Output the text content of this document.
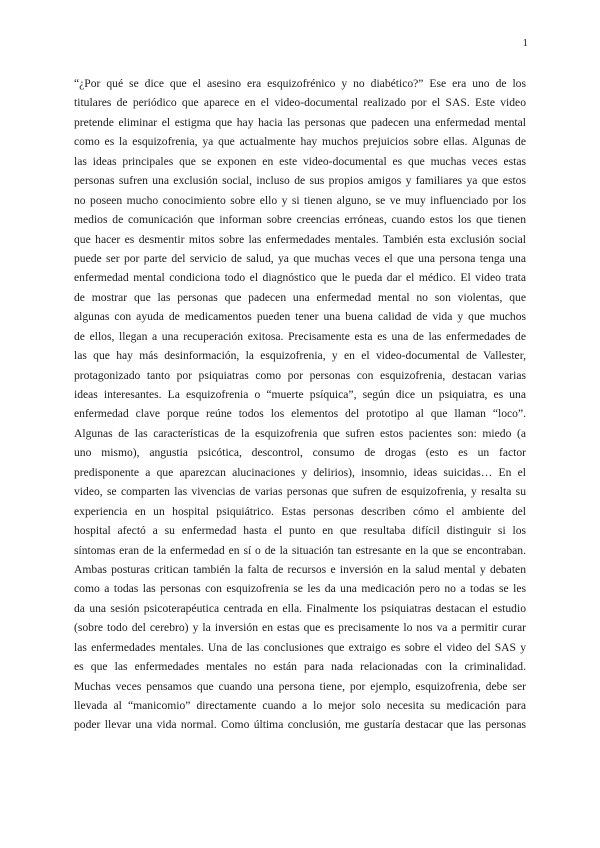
1
“¿Por qué se dice que el asesino era esquizofrénico y no diabético?” Ese era uno de los
titulares de periódico que aparece en el video-documental realizado por el SAS. Este video
pretende eliminar el estigma que hay hacia las personas que padecen una enfermedad mental
como es la esquizofrenia, ya que actualmente hay muchos prejuicios sobre ellas. Algunas de
las ideas principales que se exponen en este video-documental es que muchas veces estas
personas sufren una exclusión social, incluso de sus propios amigos y familiares ya que estos
no poseen mucho conocimiento sobre ello y si tienen alguno, se ve muy influenciado por los
medios de comunicación que informan sobre creencias erróneas, cuando estos los que tienen
que hacer es desmentir mitos sobre las enfermedades mentales. También esta exclusión social
puede ser por parte del servicio de salud, ya que muchas veces el que una persona tenga una
enfermedad mental condiciona todo el diagnóstico que le pueda dar el médico. El video trata
de mostrar que las personas que padecen una enfermedad mental no son violentas, que
algunas con ayuda de medicamentos pueden tener una buena calidad de vida y que muchos
de ellos, llegan a una recuperación exitosa. Precisamente esta es una de las enfermedades de
las que hay más desinformación, la esquizofrenia, y en el video-documental de Vallester,
protagonizado tanto por psiquiatras como por personas con esquizofrenia, destacan varias
ideas interesantes. La esquizofrenia o “muerte psíquica”, según dice un psiquiatra, es una
enfermedad clave porque reúne todos los elementos del prototipo al que llaman “loco”.
Algunas de las características de la esquizofrenia que sufren estos pacientes son: miedo (a
uno mismo), angustia psicótica, descontrol, consumo de drogas (esto es un factor
predisponente a que aparezcan alucinaciones y delirios), insomnio, ideas suicidas… En el
video, se comparten las vivencias de varias personas que sufren de esquizofrenia, y resalta su
experiencia en un hospital psiquiátrico. Estas personas describen cómo el ambiente del
hospital afectó a su enfermedad hasta el punto en que resultaba difícil distinguir si los
síntomas eran de la enfermedad en sí o de la situación tan estresante en la que se encontraban.
Ambas posturas critican también la falta de recursos e inversión en la salud mental y debaten
como a todas las personas con esquizofrenia se les da una medicación pero no a todas se les
da una sesión psicoterapéutica centrada en ella. Finalmente los psiquiatras destacan el estudio
(sobre todo del cerebro) y la inversión en estas que es precisamente lo nos va a permitir curar
las enfermedades mentales. Una de las conclusiones que extraigo es sobre el video del SAS y
es que las enfermedades mentales no están para nada relacionadas con la criminalidad.
Muchas veces pensamos que cuando una persona tiene, por ejemplo, esquizofrenia, debe ser
llevada al “manicomio” directamente cuando a lo mejor solo necesita su medicación para
poder llevar una vida normal. Como última conclusión, me gustaría destacar que las personas
